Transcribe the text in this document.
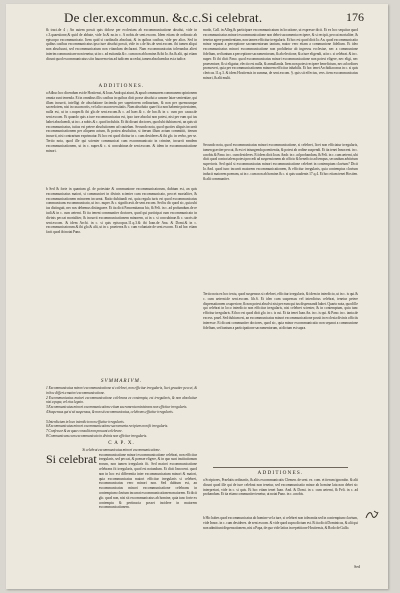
De cler.excommun. &c.c.Si celebrat.	176

& tract.de 4 ; An autem possit quis dolose per ecclesiam ab excommunicatione absolui, vide in c.3.quaestione,& quid de abbate, vide Io.& no.in c. A nobis.de sent.excom. Idem etiam de ordinato ab episcopo excommunicato. Item quid si cardinalis absoluat, & in quibus casibus, vide per alios. Sed in quibus casibus excommunicatus ipso iure absolui possit, vide in c.de his.de sent.excom. ibi tamen aliqui non absoluunt, sed excommunicatum non vitandum declarant. Nam excommunicatus tolerandus alteri interim communicare non tenetur, ut in c. ad euitanda.& c. cum non ab homine.& ibi Io.An.& alii, qui etiam dicunt quod excommunicatus si in fauorem eius ad iudicem accedat, tamen absoluendus est a iudice.

ADDITIONES.

a Adhuc hoc dicendum est de Hostiensi, & Ioan.Andr.qui aiunt, & apud communem communem opinionem omnia sunt tenenda. Et in omnibus illis casibus in quibus dicit posse absolui a canone latae sententiae, qui illam incurrit, intelligi de absolutione facienda per superiorem ordinarium, & non per quemcunque sacerdotem, nisi in casu mortis, vel alio casu necessitatis. Nam absolutio quae fit a non habente potestatem, nulla est, ut in c.nuper.& ibi glo.de sent.excom.& c. ad haec.& c. de hoc.& in c. cum pro causa.de sent.excom. Et quando quis a iure excommunicatus est, ipso iure absolui non potest, nisi per eum qui ius habet absoluendi, ut in c. a nobis.& c. quod in dubiis. Et ibi dicunt doctores, quod ubi dubium est, an quis sit excommunicatus, tutius est petere absolutionem ad cautelam. Secundo nota, quod quoties aliquis incurrit excommunicationem per aliquem actum, & postea absoluitur, si iterum illum actum committit, iterum incurrit, nisi contrarium exprimatur. Et hoc est quod dicitur in c. cum desideres.& ibi glo. in verbo, per se. Tertio nota, quod ille qui scienter communicat cum excommunicato in crimine, incurrit eandem excommunicationem, ut in c. nuper.& c. si concubinae.de sent.excom. & idem in excommunicatione minori.

b Sed & forte in quantum gl. de potestate & communione excommunicatorum, dubium est, an quis excommunicatus maiori, si communicet in divinis scienter cum excommunicato, peccet mortaliter, & excommunicationem minorem incurrat. Ratio dubitandi est, quia regula iuris est quod excommunicatus communicans excommunicato, ut in c. nuper. & c. significavit.de sent.excom. Sed tu dic quod sic, quia ubi ius distinguit, nec nos debemus distinguere. Et ita dicit Panormitanus hic, & Feli. in c. ad probandum.de re iudi.& in c. cum aeterni. Et ita tenent communiter doctores, quod qui participat cum excommunicato in divinis peccat mortaliter, & incurrit excommunicationem minorem, ut in c. si concubinae.& c. sacris.de sent.excom. & idem Archi. in c. si quis episcopus.11.q.3.& ibi Ioan.de Ana. & Domi.& in c. excommunicatorum.& ibi glo.& alii, ut in c. praeterea.& c. cum voluntate.de sent.excom. Et ad hoc etiam facit quod ibi notat Pano.

SVMMARIVM.

1 Excommunicatus minori excommunicatione si celebret, non efficitur irregularis, licet grauiter peccet, & in hoc differt a maiori excommunicatione.

2 Excommunicatus maiori excommunicatione celebrans ex contemptu, est irregularis, & non absoluitur nisi a papa, vel eius legato.

3 Excommunicatus minori excommunicatione etiam sacramenta ministrans non efficitur irregularis.

4 Suspensus qui si sit suspensus, & non sit excommunicatus, celebrans efficitur irregularis.

5 Interdictum in loco interdicto non efficitur irregularis.

6 Excommunicatus minori excommunicatione sacramenta recipiens non fit irregularis.

7 Confessor & ea quae consulit non possunt celebrare.

8 Communicans cum excommunicato in divinis non efficitur irregularis.

C A P. X.

Si celebrat excommunicatus minori excommunicatione.

Si celebrat excommunicatione minori excommunicatione celebrat, non efficitur irregularis, sed peccat, & poenae eligere, & in quo sunt institutionum eorum, non tamen irregularis fit. Sed maiori excommunicatione celebrans fit irregularis, quod est notandum. Et dicit Innocent. quod non in hoc est differentia inter excommunicatum minori & maiori, quia excommunicatus maiori efficitur irregularis si celebret, excommunicatus vero minori non. Sed dubium est, an excommunicatus minori excommunicatione celebrans in contemptum clavium incurrat excommunicationem maiorem. Et dicit glo. quod non, nisi sit excommunicatus ab homine, quia tunc forte ex contemptu & pertinacia posset incidere in maiorem excommunicationem.

modo, Call. in Alleg.& participare excommunicatum in locutione, ut expresse dicit. Et ex hoc sequitur quod excommunicatus minori excommunicatione non debet sacramenta recipere, & si recipit, peccat mortaliter, & tenetur agere poenitentiam, non tamen efficitur irregularis. Et hoc est quod dicit Io.An. quod excommunicatio minor separat a perceptione sacramentorum tantum, maior vero etiam a communione fidelium. Et ideo excommunicatus minori excommunicatione non prohibetur ab ingressu ecclesiae, nec a communione fidelium, sed tantum a perceptione sacramentorum, & ab electione, & a iure eligendi, ut in c. si celebrat. & in c. nuper. Et ibi dicit Pano. quod excommunicatus minori excommunicatione non potest eligere, nec eligi, nec praesentare, & si eligatur, electio est nulla, & annullanda. Item non potest recipere beneficium, nec ad ordines promoveri, quia per excommunicationem minorem efficitur inhabilis. Et hoc tenet Archidiaconus in c. si quis clericus.11.q.3. & idem Hostiensis in summa, de sent.excom. §. quis sit effectus, vers. item excommunicatus minori, & alii multi.

Secundo nota, quod excommunicatus minori excommunicatione, si celebret, licet non efficiatur irregularis, tamen graviter peccat, & est ei iniungenda poenitentia, & potest ab ordine suspendi. Et ita tenet Innocent. in c. a nobis.& Pano. in c. cum desideres. Et idem dicit Ioan. Andr. in c. ad probandum, & Feli. in c. cum aeterni, ubi dicit quod contra talem potest procedi ad suspensionem ab officio & beneficio ad tempus, secundum arbitrium superioris. Sed quid si excommunicatus minori excommunicatione celebret in contemptum clavium? Dicit Io.And. quod tunc incurrit maiorem excommunicationem, & efficitur irregularis, quia contemptus clavium inducit maiorem poenam, ut in c. cum non ab homine.& c. si quis suadente.17.q.4. Et hoc etiam tenet Hostien. & alii communiter.

Tertio nota ex hoc textu, quod suspensus si celebret, efficitur irregularis, & idem in interdicto, ut in c. is qui.& c. cum aeterni.de sent.excom. lib.6. Et ideo cum suspensus vel interdictus celebrat, tenetur petere dispensationem a superiore, & non potest absolvi nisi per eum qui ius dispensandi habet. Quarto nota, quod ille qui celebrat in loco interdicto non efficitur irregularis, nisi celebret scienter, & in contemptum, quia tunc efficitur irregularis. Et hoc est quod dicit glo. in c. is cui. Et ita tenet Ioan.An. in c. is qui. & Pano. in c. tanta.de excess. prael. Sed dubium est, an excommunicatus minori excommunicatione possit in ecclesia divinis officiis interesse. Et dicunt communiter doctores, quod sic, quia minor excommunicatio non separat a communione fidelium, sed tantum a participatione sacramentorum, ut dictum est supra.

ADDITIONES.

a Scriptores, Praelatis ordinariis, & aliis excommunicatis Clemen. de sent. ex. com. et iterum ignorabo. & alii dicunt quod ille qui de iure celebrat non tenetur, sed excommunicatio minor ab homine lata non debet sic interpretari, vide in c. si quis. Et hoc etiam tenet Ioan. And. & Domi. in c. cum aeterni, & Feli. in c. ad probandum. Et ita etiam communiter tenetur, ut notat Pano. in c. a nobis.

b Hic habes quod excommunicatus ab homine vel a iure, si celebret non tolerantia sed in contemptum clavium, vide Innoc. in c. cum desideres. de sent.excom. & vide quod supra dictum est. Et ita dicit Dominicus, & alii qui non admittunt dispensationem, nisi a Papa, de quo vide latius in repetitione Hostiensis, & Rodo de Gallo.

Sed
